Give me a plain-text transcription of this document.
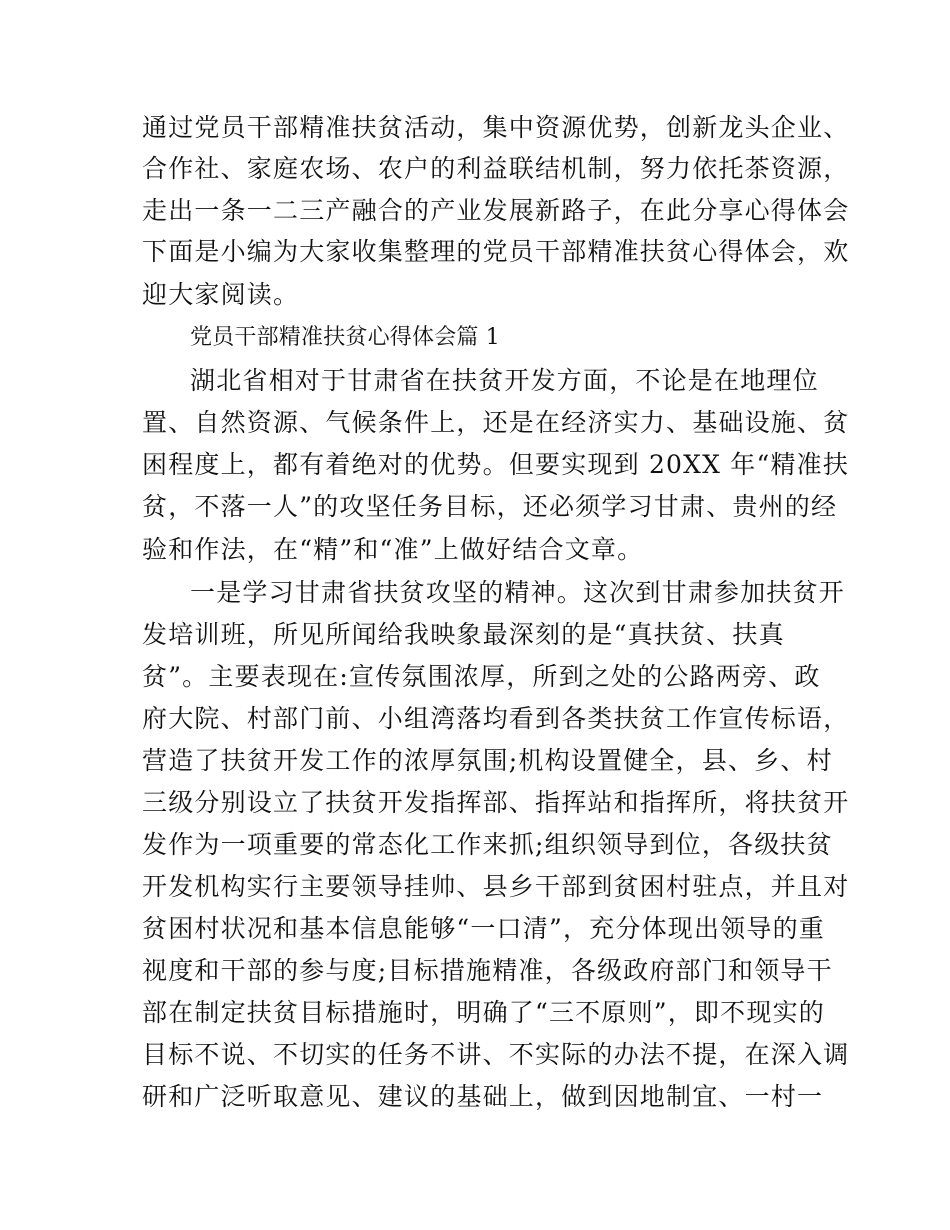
通过党员干部精准扶贫活动，集中资源优势，创新龙头企业、
合作社、家庭农场、农户的利益联结机制，努力依托茶资源，
走出一条一二三产融合的产业发展新路子，在此分享心得体会
下面是小编为大家收集整理的党员干部精准扶贫心得体会，欢
迎大家阅读。
党员干部精准扶贫心得体会篇 1
湖北省相对于甘肃省在扶贫开发方面，不论是在地理位
置、自然资源、气候条件上，还是在经济实力、基础设施、贫
困程度上，都有着绝对的优势。但要实现到 20XX 年“精准扶
贫，不落一人”的攻坚任务目标，还必须学习甘肃、贵州的经
验和作法，在“精”和“准”上做好结合文章。
一是学习甘肃省扶贫攻坚的精神。这次到甘肃参加扶贫开
发培训班，所见所闻给我映象最深刻的是“真扶贫、扶真
贫”。主要表现在:宣传氛围浓厚，所到之处的公路两旁、政
府大院、村部门前、小组湾落均看到各类扶贫工作宣传标语，
营造了扶贫开发工作的浓厚氛围;机构设置健全，县、乡、村
三级分别设立了扶贫开发指挥部、指挥站和指挥所，将扶贫开
发作为一项重要的常态化工作来抓;组织领导到位，各级扶贫
开发机构实行主要领导挂帅、县乡干部到贫困村驻点，并且对
贫困村状况和基本信息能够“一口清”，充分体现出领导的重
视度和干部的参与度;目标措施精准，各级政府部门和领导干
部在制定扶贫目标措施时，明确了“三不原则”，即不现实的
目标不说、不切实的任务不讲、不实际的办法不提，在深入调
研和广泛听取意见、建议的基础上，做到因地制宜、一村一
